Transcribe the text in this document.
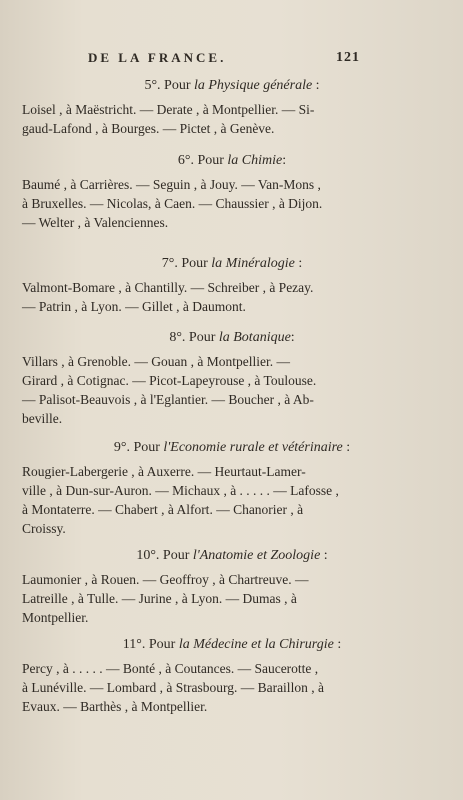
DE LA FRANCE.	121

5°. Pour la Physique générale :

Loisel , à Maëstricht. — Derate , à Montpellier. — Si-

gaud-Lafond , à Bourges. — Pictet , à Genève.

6°. Pour la Chimie:

Baumé , à Carrières. — Seguin , à Jouy. — Van-Mons ,

à Bruxelles. — Nicolas, à Caen. — Chaussier , à Dijon.

— Welter , à Valenciennes.

7°. Pour la Minéralogie :

Valmont-Bomare , à Chantilly. — Schreiber , à Pezay.

— Patrin , à Lyon. — Gillet , à Daumont.

8°. Pour la Botanique:

Villars , à Grenoble. — Gouan , à Montpellier. —

Girard , à Cotignac. — Picot-Lapeyrouse , à Toulouse.

— Palisot-Beauvois , à l'Eglantier. — Boucher , à Ab-

beville.

9°. Pour l'Economie rurale et vétérinaire :

Rougier-Labergerie , à Auxerre. — Heurtaut-Lamer-

ville , à Dun-sur-Auron. — Michaux , à . . . . . — Lafosse ,

à Montaterre. — Chabert , à Alfort. — Chanorier , à

Croissy.

10°. Pour l'Anatomie et Zoologie :

Laumonier , à Rouen. — Geoffroy , à Chartreuve. —

Latreille , à Tulle. — Jurine , à Lyon. — Dumas , à

Montpellier.

11°. Pour la Médecine et la Chirurgie :

Percy , à . . . . . — Bonté , à Coutances. — Saucerotte ,

à Lunéville. — Lombard , à Strasbourg. — Baraillon , à

Evaux. — Barthès , à Montpellier.
